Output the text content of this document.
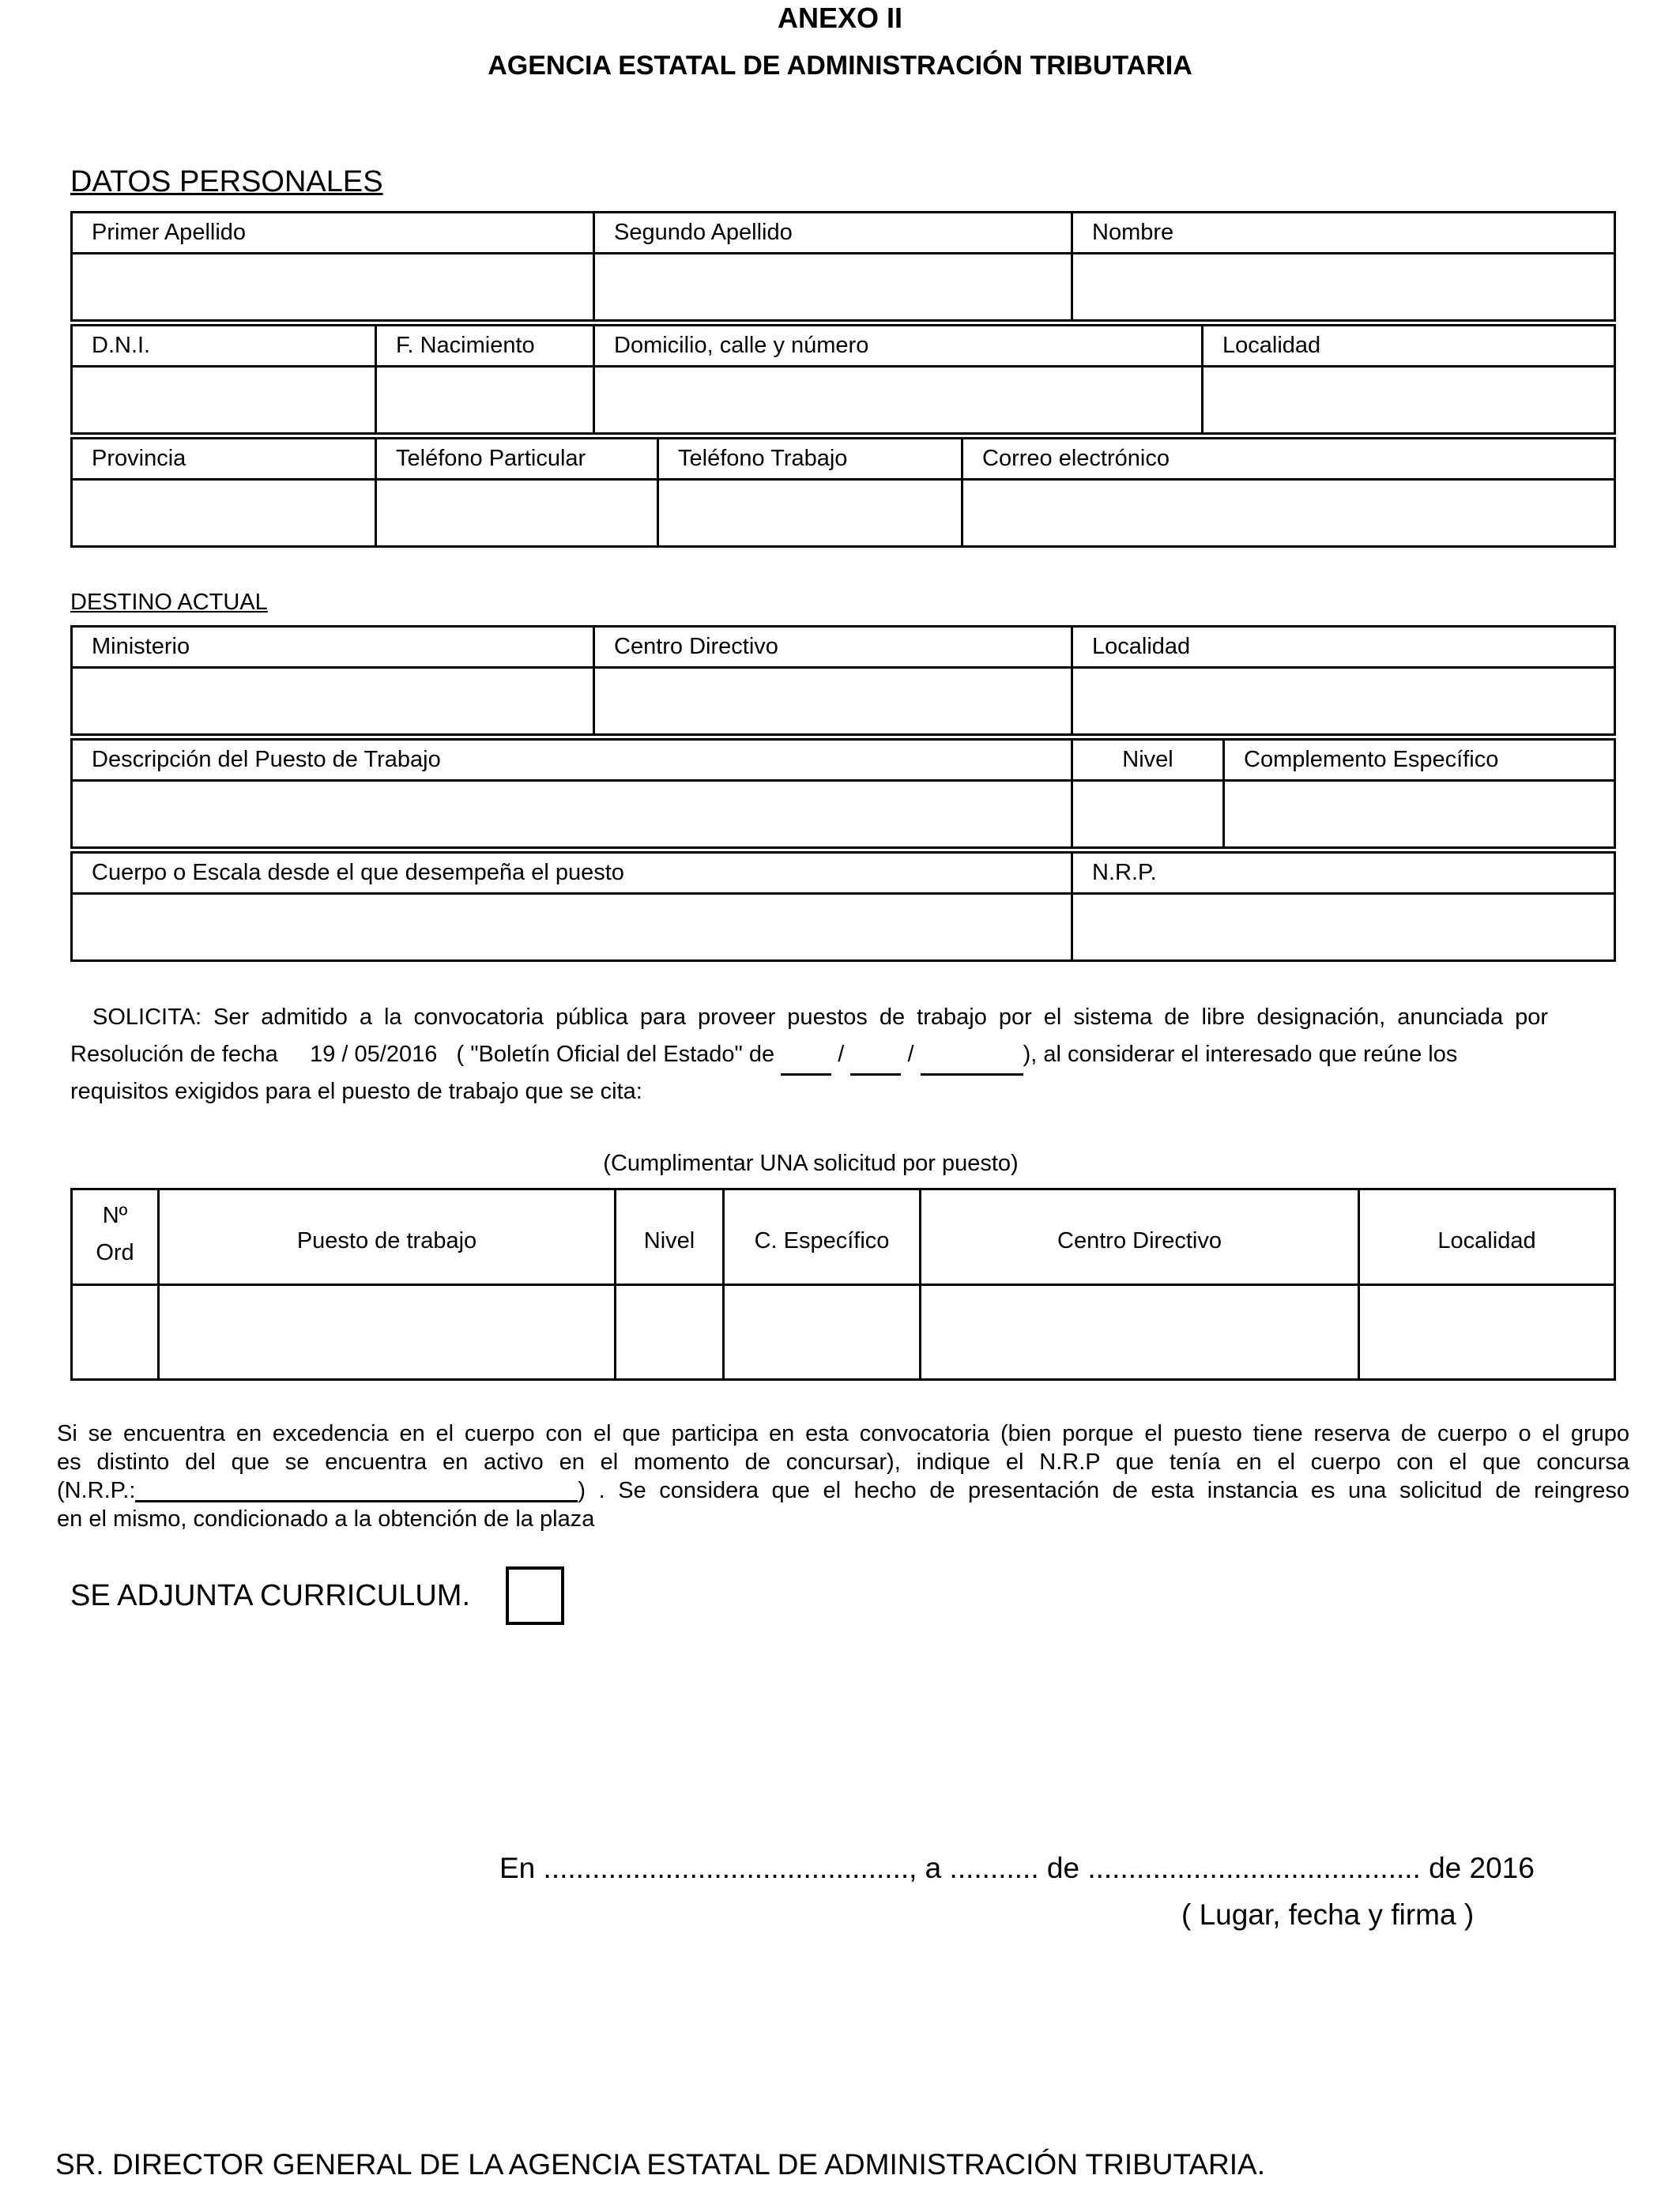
ANEXO II
AGENCIA ESTATAL DE ADMINISTRACIÓN TRIBUTARIA
DATOS PERSONALES
Primer Apellido	Segundo Apellido	Nombre

D.N.I.	F. Nacimiento	Domicilio, calle y número	Localidad

Provincia	Teléfono Particular	Teléfono Trabajo	Correo electrónico

DESTINO ACTUAL
Ministerio	Centro Directivo	Localidad

Descripción del Puesto de Trabajo	Nivel	Complemento Específico

Cuerpo o Escala desde el que desempeña el puesto	N.R.P.

SOLICITA: Ser admitido a la convocatoria pública para proveer puestos de trabajo por el sistema de libre designación, anunciada por
Resolución de fecha 19 / 05/2016 ( "Boletín Oficial del Estado" de	/	/	), al considerar el interesado que reúne los
requisitos exigidos para el puesto de trabajo que se cita:
(Cumplimentar UNA solicitud por puesto)
Nº
Ord	Puesto de trabajo	Nivel	C. Específico	Centro Directivo	Localidad

Si se encuentra en excedencia en el cuerpo con el que participa en esta convocatoria (bien porque el puesto tiene reserva de cuerpo o el grupo
es distinto del que se encuentra en activo en el momento de concursar), indique el N.R.P que tenía en el cuerpo con el que concursa
(N.R.P.:	) . Se considera que el hecho de presentación de esta instancia es una solicitud de reingreso
en el mismo, condicionado a la obtención de la plaza
SE ADJUNTA CURRICULUM.
En ............................................., a ........... de ......................................... de 2016
( Lugar, fecha y firma )
SR. DIRECTOR GENERAL DE LA AGENCIA ESTATAL DE ADMINISTRACIÓN TRIBUTARIA.
